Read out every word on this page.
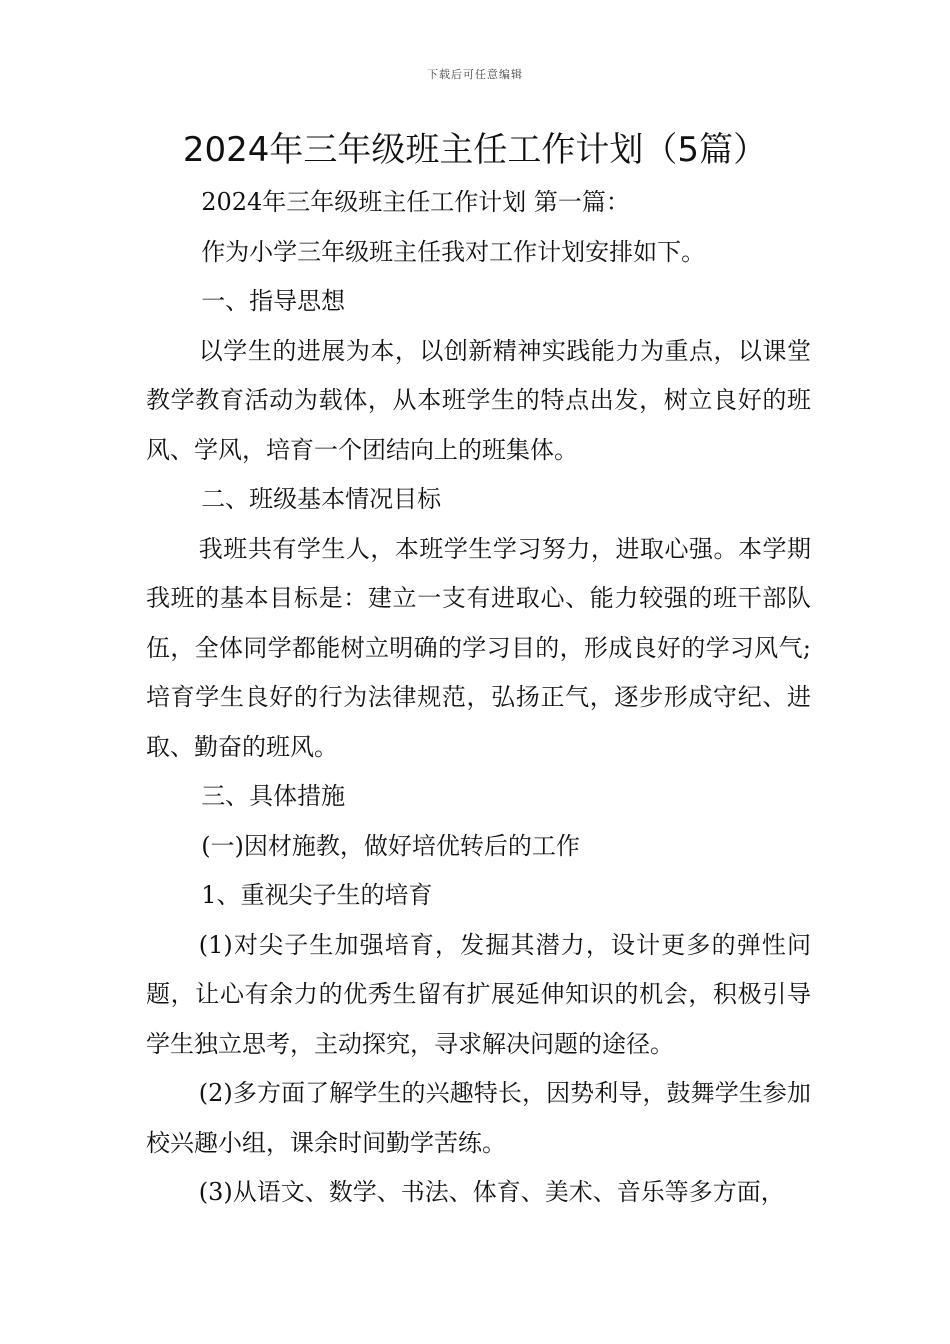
下载后可任意编辑
2024年三年级班主任工作计划（5篇）

2024年三年级班主任工作计划 第一篇：

作为小学三年级班主任我对工作计划安排如下。

一、指导思想

以学生的进展为本，以创新精神实践能力为重点，以课堂教学教育活动为载体，从本班学生的特点出发，树立良好的班风、学风，培育一个团结向上的班集体。

二、班级基本情况目标

我班共有学生人，本班学生学习努力，进取心强。本学期我班的基本目标是：建立一支有进取心、能力较强的班干部队伍，全体同学都能树立明确的学习目的，形成良好的学习风气;培育学生良好的行为法律规范，弘扬正气，逐步形成守纪、进取、勤奋的班风。

三、具体措施

(一)因材施教，做好培优转后的工作

1、重视尖子生的培育

(1)对尖子生加强培育，发掘其潜力，设计更多的弹性问题，让心有余力的优秀生留有扩展延伸知识的机会，积极引导学生独立思考，主动探究，寻求解决问题的途径。

(2)多方面了解学生的兴趣特长，因势利导，鼓舞学生参加校兴趣小组，课余时间勤学苦练。

(3)从语文、数学、书法、体育、美术、音乐等多方面，
